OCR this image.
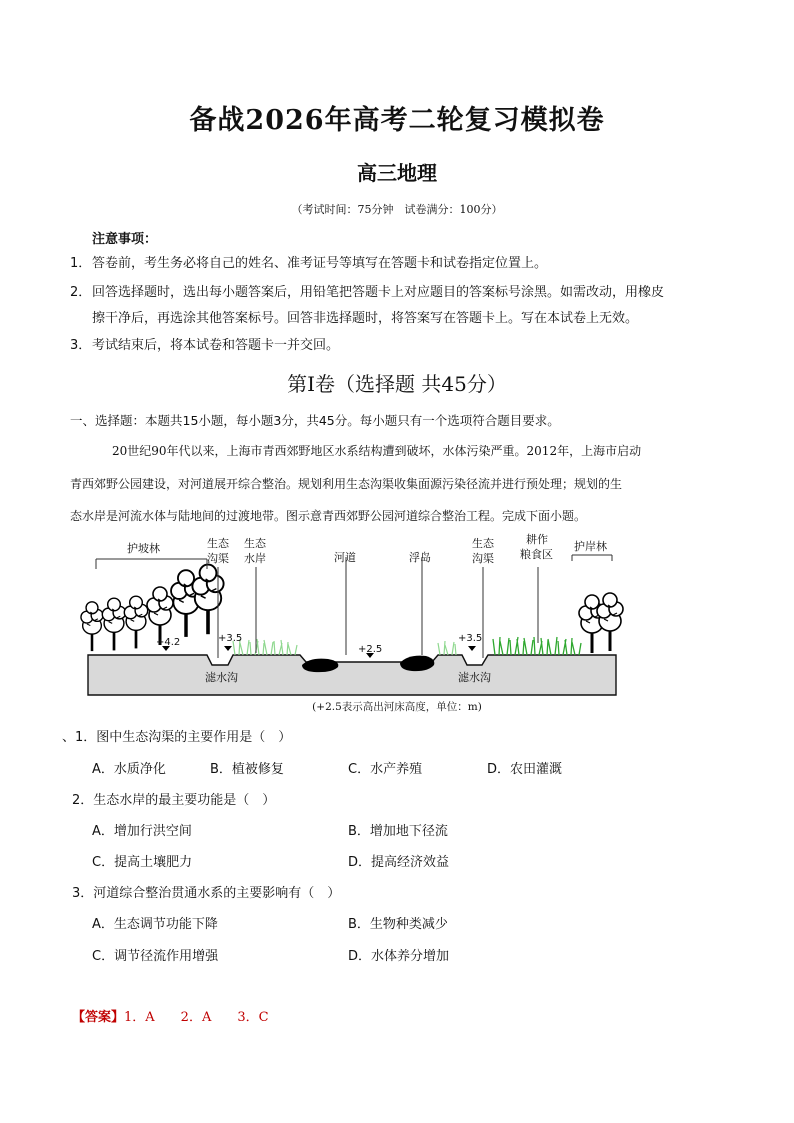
备战2026年高考二轮复习模拟卷
高三地理
（考试时间：75分钟　试卷满分：100分）
注意事项：
1．答卷前，考生务必将自己的姓名、准考证号等填写在答题卡和试卷指定位置上。
2．回答选择题时，选出每小题答案后，用铅笔把答题卡上对应题目的答案标号涂黑。如需改动，用橡皮
擦干净后，再选涂其他答案标号。回答非选择题时，将答案写在答题卡上。写在本试卷上无效。
3．考试结束后，将本试卷和答题卡一并交回。
第Ⅰ卷（选择题 共45分）
一、选择题：本题共15小题，每小题3分，共45分。每小题只有一个选项符合题目要求。
20世纪90年代以来，上海市青西郊野地区水系结构遭到破坏，水体污染严重。2012年，上海市启动
青西郊野公园建设，对河道展开综合整治。规划利用生态沟渠收集面源污染径流并进行预处理；规划的生
态水岸是河流水体与陆地间的过渡地带。图示意青西郊野公园河道综合整治工程。完成下面小题。
护坡林	生态
沟渠
生态
水岸	河道	浮岛
生态
沟渠
耕作
粮食区
护岸林
+4.2	+3.5
+2.5
+3.5
滤水沟	滤水沟
(+2.5表示高出河床高度，单位：m)
、1．图中生态沟渠的主要作用是（　）
A．水质净化	B．植被修复	C．水产养殖	D．农田灌溉
2．生态水岸的最主要功能是（　）
A．增加行洪空间	B．增加地下径流
C．提高土壤肥力	D．提高经济效益
3．河道综合整治贯通水系的主要影响有（　）
A．生态调节功能下降	B．生物种类减少
C．调节径流作用增强	D．水体养分增加
【答案】1．A　　2．A　　3．C
